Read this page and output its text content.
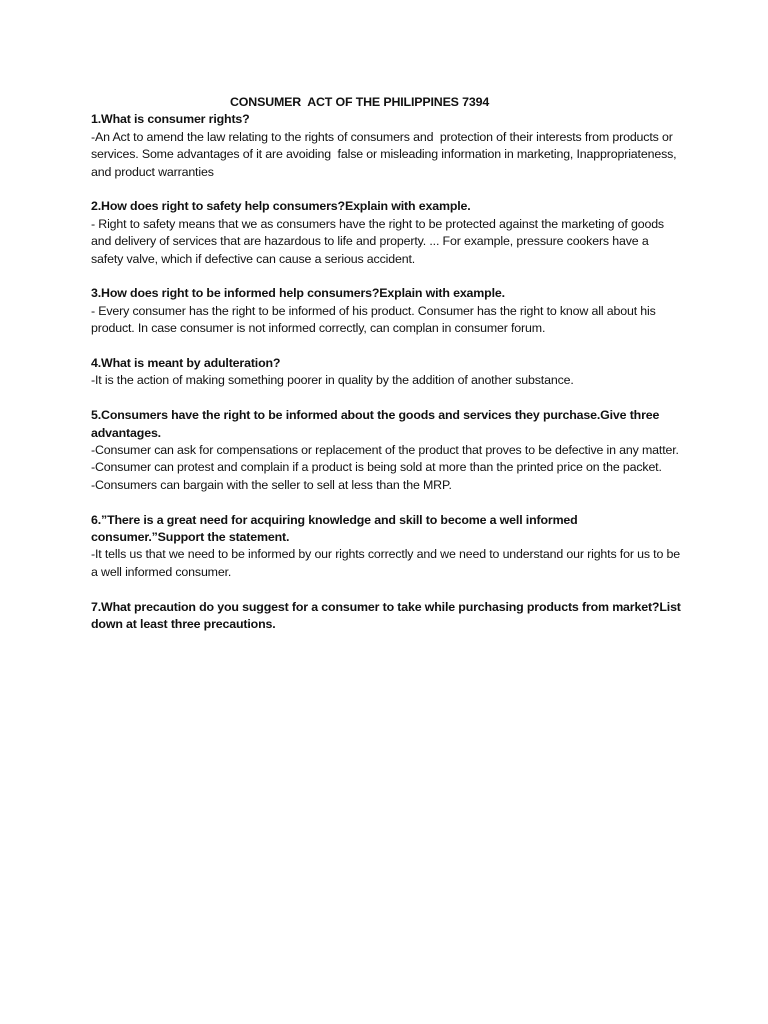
CONSUMER  ACT OF THE PHILIPPINES 7394
1.What is consumer rights?
-An Act to amend the law relating to the rights of consumers and  protection of their interests from products or services. Some advantages of it are avoiding  false or misleading information in marketing, Inappropriateness, and product warranties
2.How does right to safety help consumers?Explain with example.
- Right to safety means that we as consumers have the right to be protected against the marketing of goods and delivery of services that are hazardous to life and property. ... For example, pressure cookers have a safety valve, which if defective can cause a serious accident.
3.How does right to be informed help consumers?Explain with example.
- Every consumer has the right to be informed of his product. Consumer has the right to know all about his product. In case consumer is not informed correctly, can complan in consumer forum.
4.What is meant by adulteration?
-It is the action of making something poorer in quality by the addition of another substance.
5.Consumers have the right to be informed about the goods and services they purchase.Give three advantages.
-Consumer can ask for compensations or replacement of the product that proves to be defective in any matter.
-Consumer can protest and complain if a product is being sold at more than the printed price on the packet.
-Consumers can bargain with the seller to sell at less than the MRP.
6.”There is a great need for acquiring knowledge and skill to become a well informed consumer.”Support the statement.
-It tells us that we need to be informed by our rights correctly and we need to understand our rights for us to be a well informed consumer.
7.What precaution do you suggest for a consumer to take while purchasing products from market?List down at least three precautions.
